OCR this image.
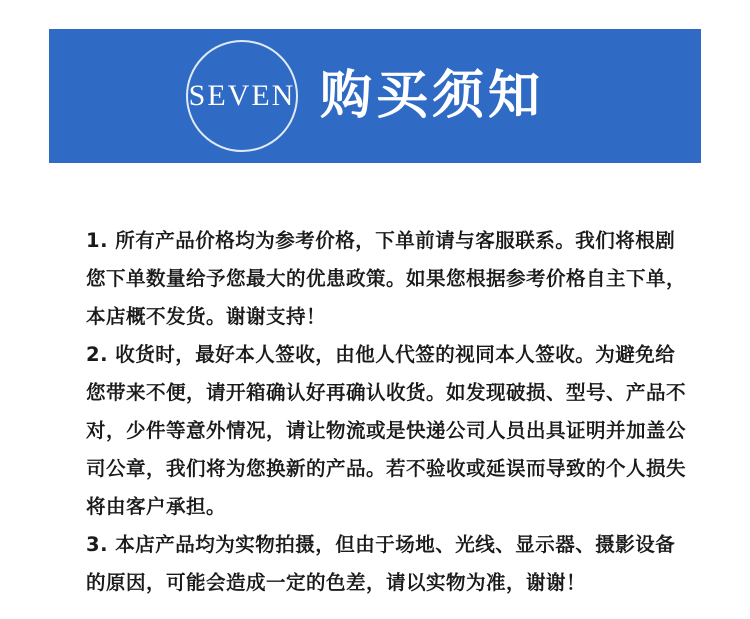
SEVEN 购买须知

1. 所有产品价格均为参考价格，下单前请与客服联系。我们将根剧您下单数量给予您最大的优患政策。如果您根据参考价格自主下单，本店概不发货。谢谢支持！

2. 收货时，最好本人签收，由他人代签的视同本人签收。为避免给您带来不便，请开箱确认好再确认收货。如发现破损、型号、产品不对，少件等意外情况，请让物流或是快递公司人员出具证明并加盖公司公章，我们将为您换新的产品。若不验收或延误而导致的个人损失将由客户承担。

3. 本店产品均为实物拍摄，但由于场地、光线、显示器、摄影设备的原因，可能会造成一定的色差，请以实物为准，谢谢！
